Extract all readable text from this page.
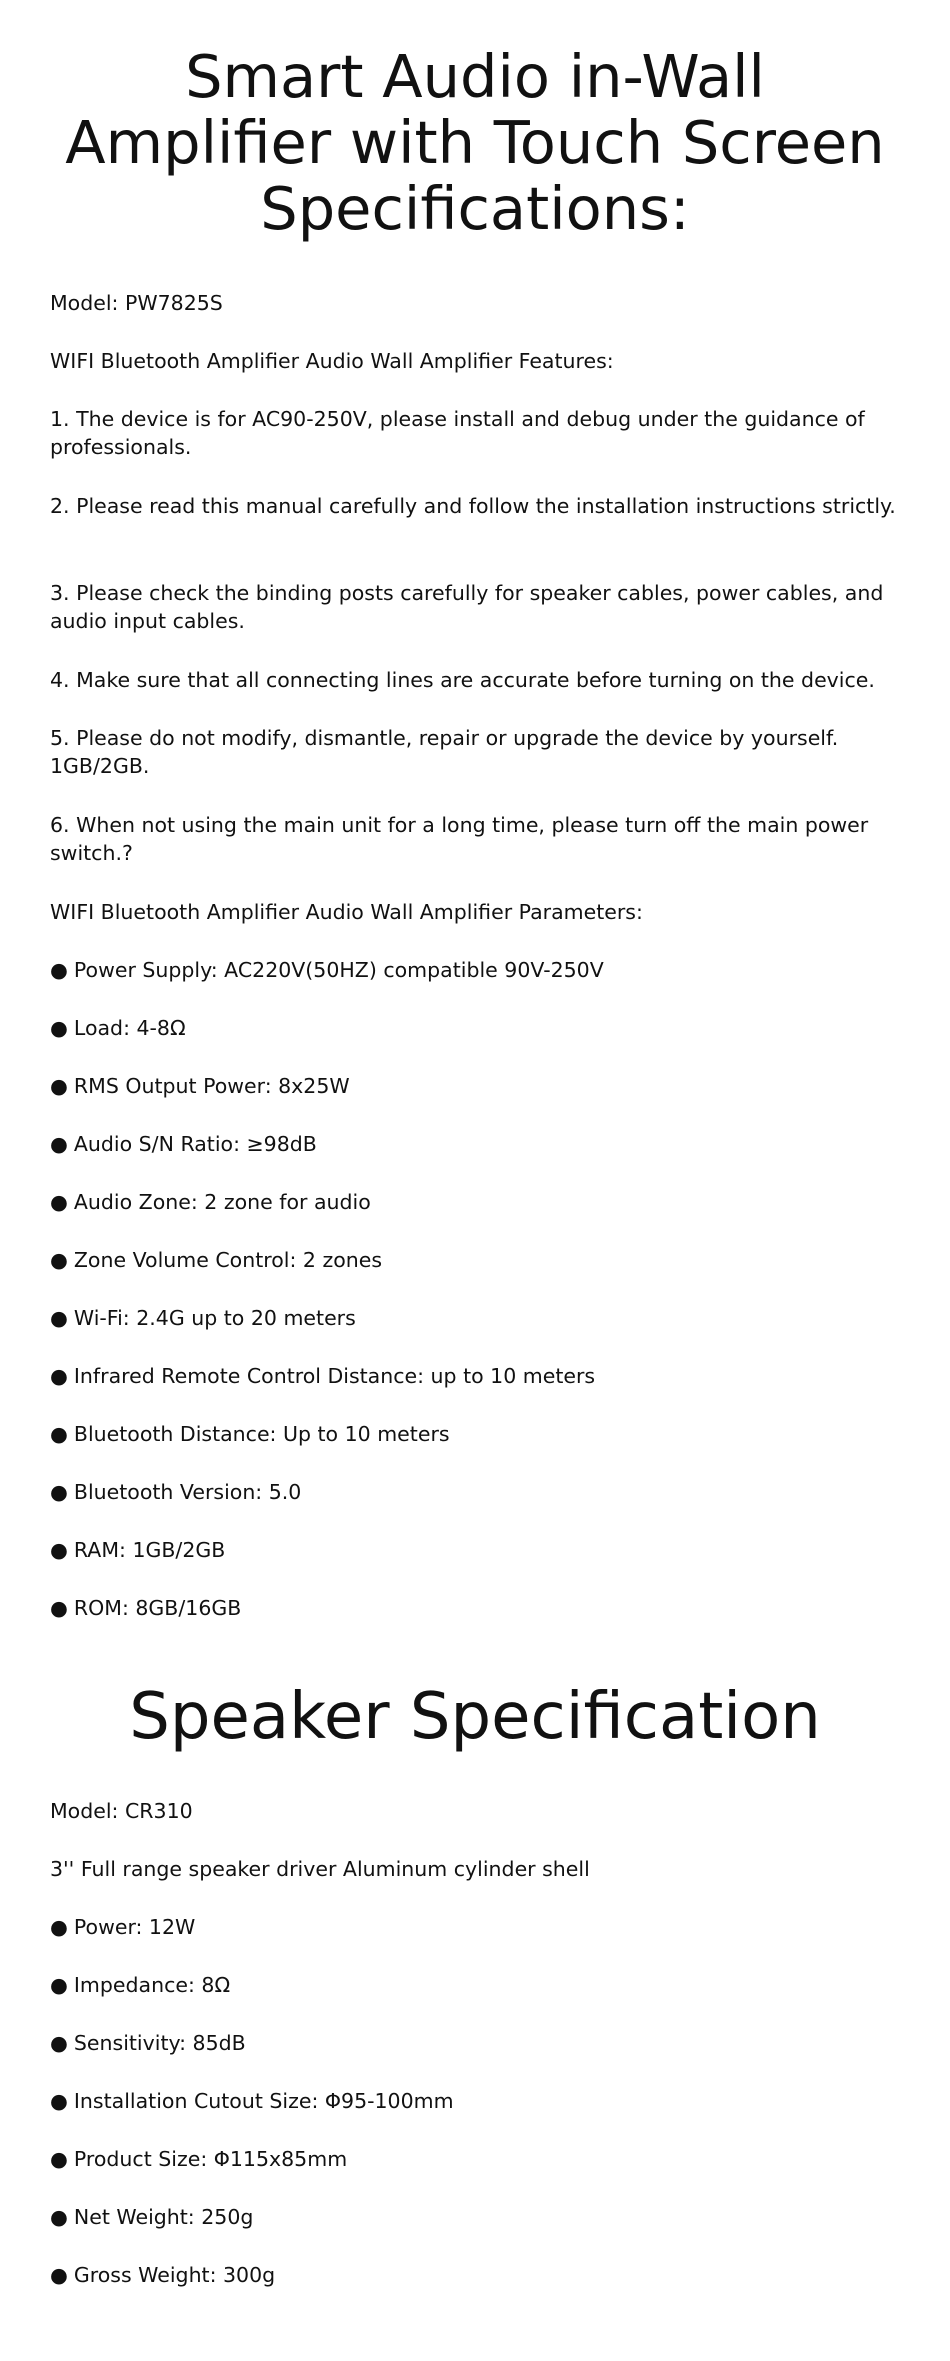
Smart Audio in-Wall
Amplifier with Touch Screen
Specifications:

Model: PW7825S

WIFI Bluetooth Amplifier Audio Wall Amplifier Features:

1. The device is for AC90-250V, please install and debug under the guidance of professionals.

2. Please read this manual carefully and follow the installation instructions strictly.

3. Please check the binding posts carefully for speaker cables, power cables, and audio input cables.

4. Make sure that all connecting lines are accurate before turning on the device.

5. Please do not modify, dismantle, repair or upgrade the device by yourself. 1GB/2GB.

6. When not using the main unit for a long time, please turn off the main power switch.?

WIFI Bluetooth Amplifier Audio Wall Amplifier Parameters:

● Power Supply: AC220V(50HZ) compatible 90V-250V

● Load: 4-8Ω

● RMS Output Power: 8x25W

● Audio S/N Ratio: ≥98dB

● Audio Zone: 2 zone for audio

● Zone Volume Control: 2 zones

● Wi-Fi: 2.4G up to 20 meters

● Infrared Remote Control Distance: up to 10 meters

● Bluetooth Distance: Up to 10 meters

● Bluetooth Version: 5.0

● RAM: 1GB/2GB

● ROM: 8GB/16GB

Speaker Specification

Model: CR310

3'' Full range speaker driver Aluminum cylinder shell

● Power: 12W

● Impedance: 8Ω

● Sensitivity: 85dB

● Installation Cutout Size: Φ95-100mm

● Product Size: Φ115x85mm

● Net Weight: 250g

● Gross Weight: 300g
